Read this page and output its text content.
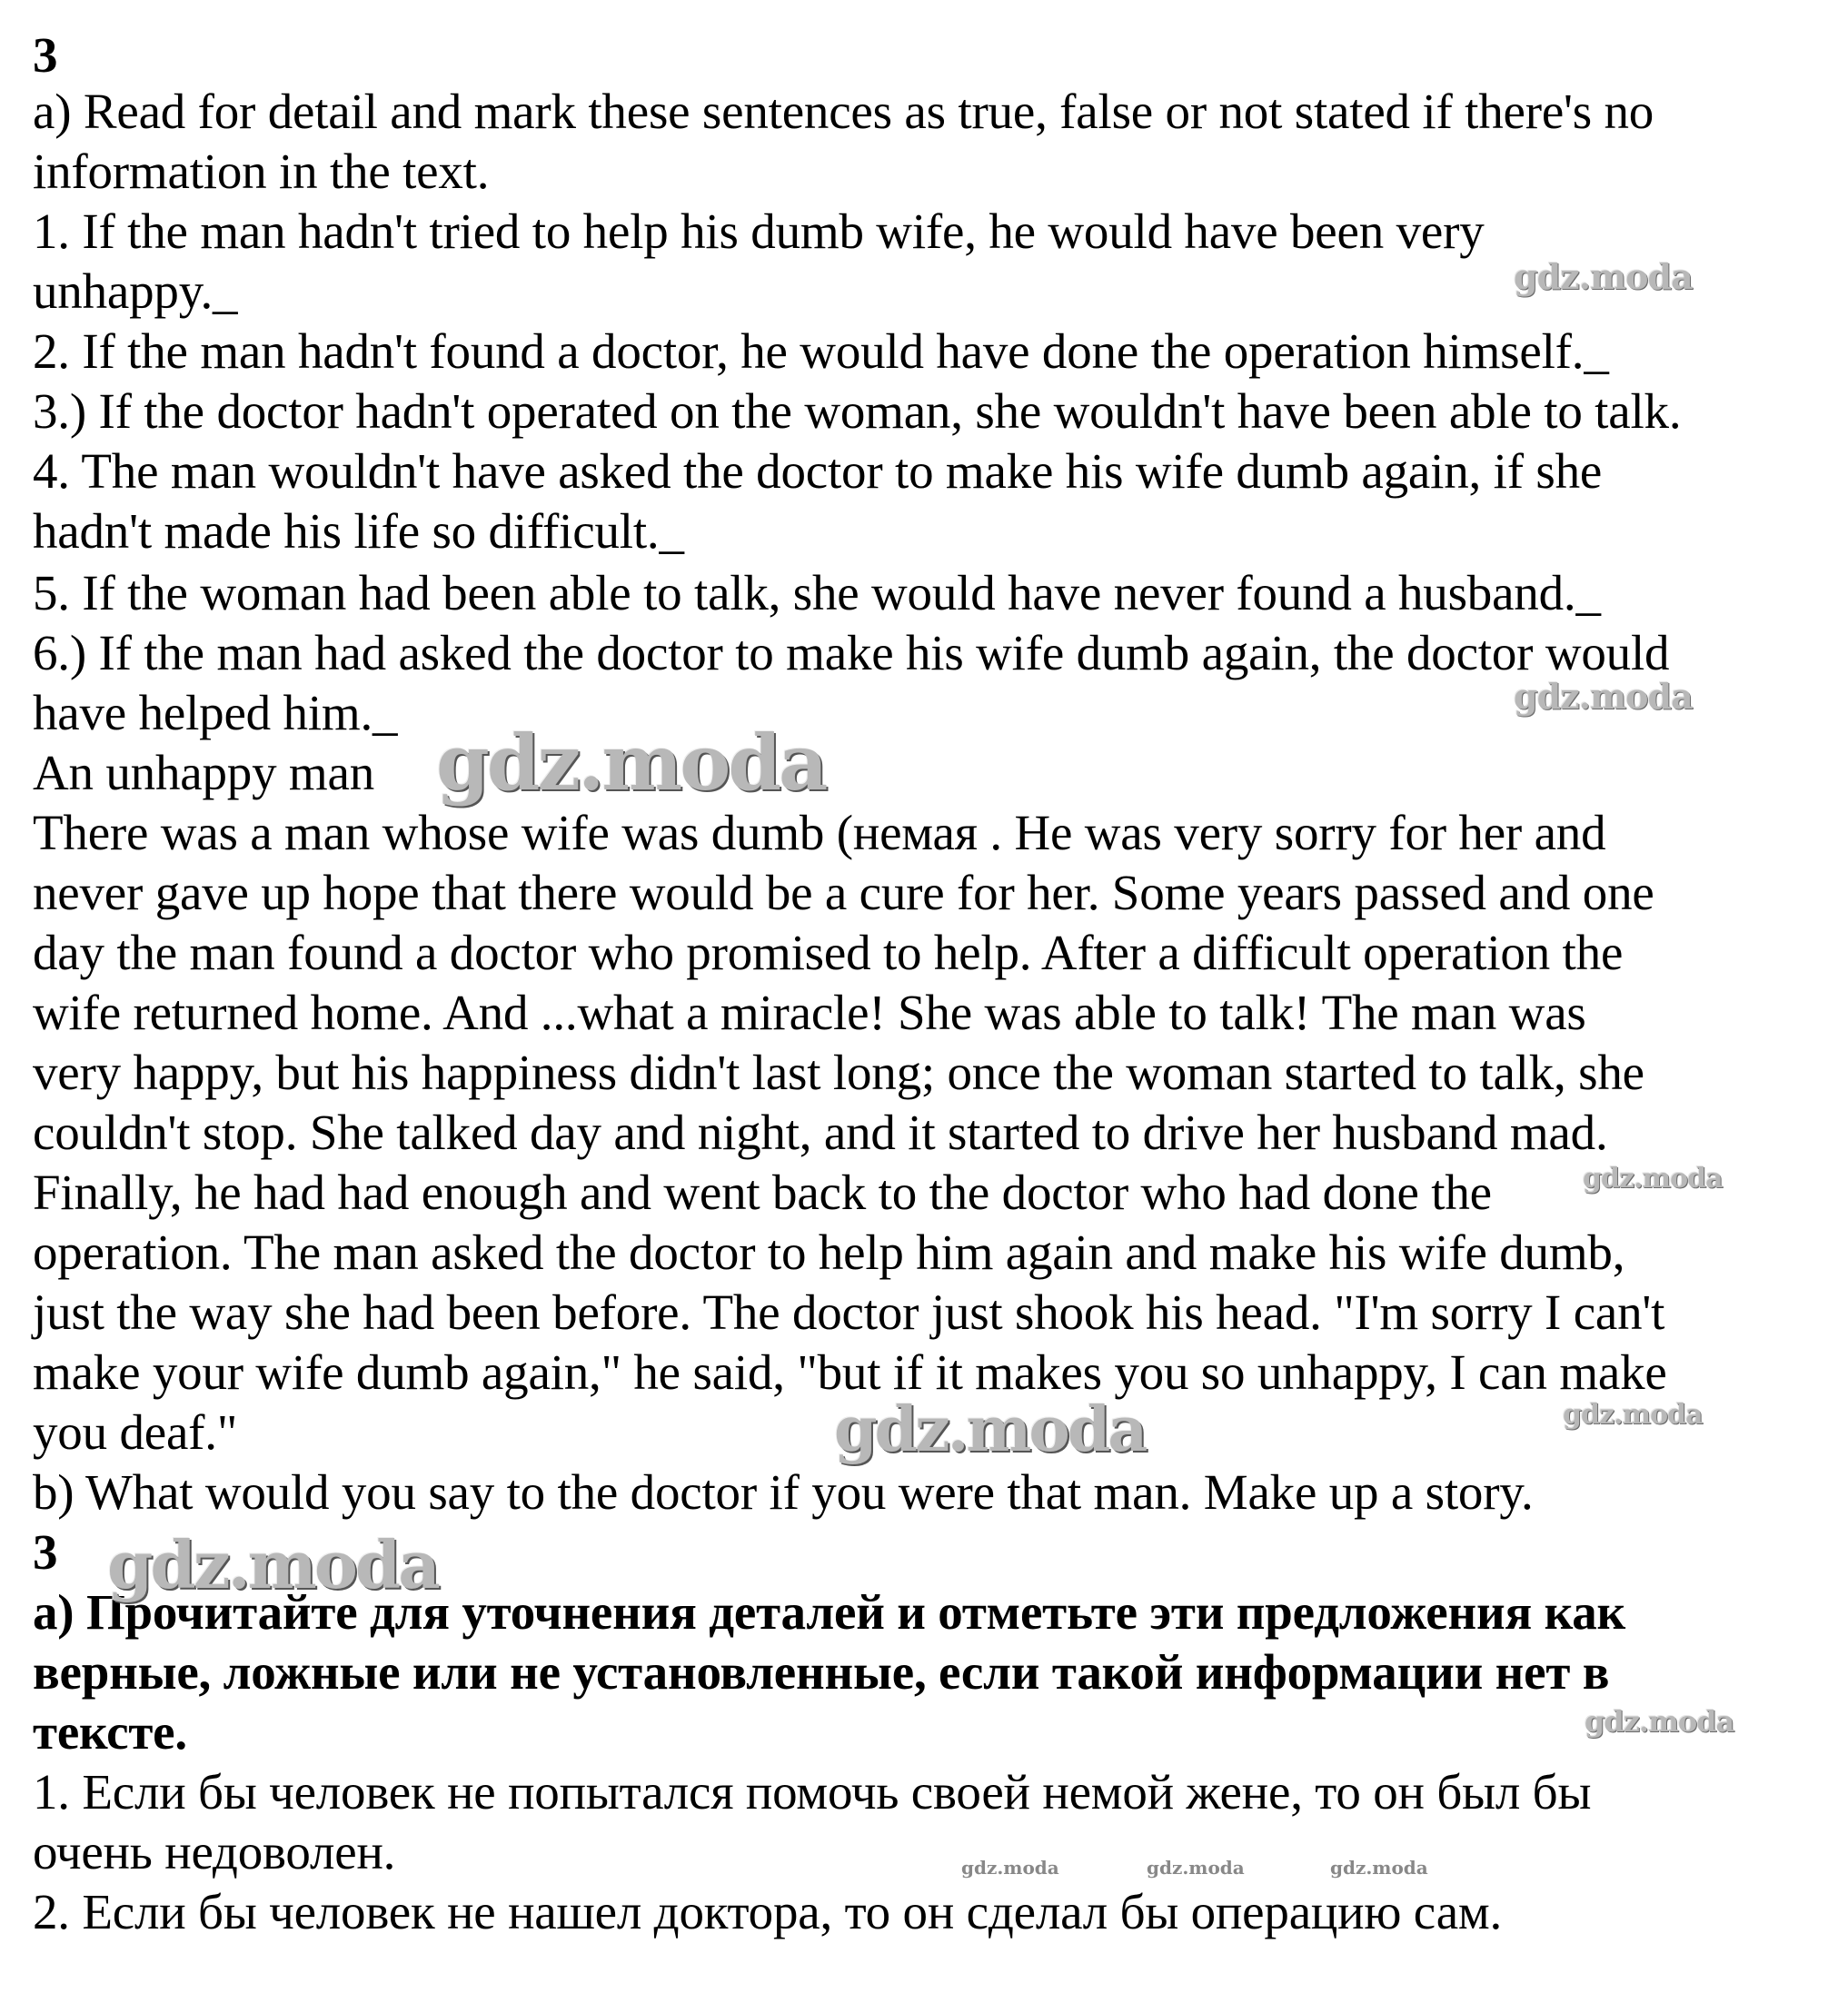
3
a) Read for detail and mark these sentences as true, false or not stated if there's no
information in the text.
1. If the man hadn't tried to help his dumb wife, he would have been very
unhappy._
2. If the man hadn't found a doctor, he would have done the operation himself._
3.) If the doctor hadn't operated on the woman, she wouldn't have been able to talk.
4. The man wouldn't have asked the doctor to make his wife dumb again, if she
hadn't made his life so difficult._
5. If the woman had been able to talk, she would have never found a husband._
6.) If the man had asked the doctor to make his wife dumb again, the doctor would
have helped him._
An unhappy man
There was a man whose wife was dumb (немая . He was very sorry for her and
never gave up hope that there would be a cure for her. Some years passed and one
day the man found a doctor who promised to help. After a difficult operation the
wife returned home. And ...what a miracle! She was able to talk! The man was
very happy, but his happiness didn't last long; once the woman started to talk, she
couldn't stop. She talked day and night, and it started to drive her husband mad.
Finally, he had had enough and went back to the doctor who had done the
operation. The man asked the doctor to help him again and make his wife dumb,
just the way she had been before. The doctor just shook his head. "I'm sorry I can't
make your wife dumb again," he said, "but if it makes you so unhappy, I can make
you deaf."
b) What would you say to the doctor if you were that man. Make up a story.
3
а) Прочитайте для уточнения деталей и отметьте эти предложения как
верные, ложные или не установленные, если такой информации нет в
тексте.
1. Если бы человек не попытался помочь своей немой жене, то он был бы
очень недоволен.
2. Если бы человек не нашел доктора, то он сделал бы операцию сам.
gdz.moda
gdz.moda
gdz.moda
gdz.moda
gdz.moda	gdz.moda
gdz.moda
gdz.moda
gdz.moda	gdz.moda	gdz.moda
